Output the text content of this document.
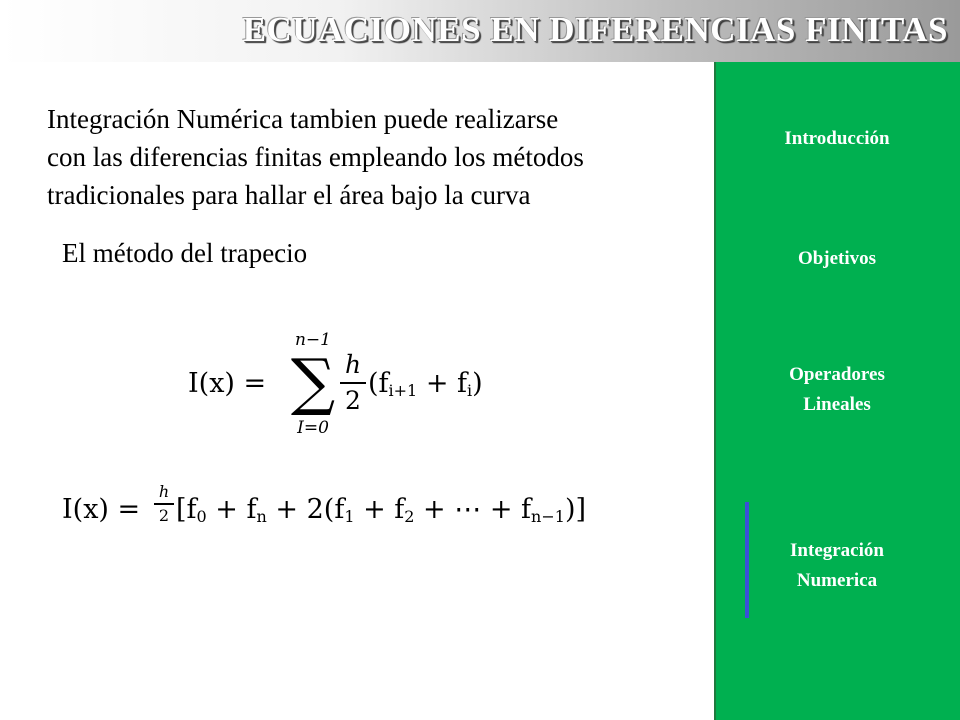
ECUACIONES EN DIFERENCIAS FINITAS

Integración Numérica tambien puede realizarse
con las diferencias finitas empleando los métodos
tradicionales para hallar el área bajo la curva

El método del trapecio

I(x) =
n−1
∑
I=0
h
2
$(f_{i+1} + f_i)$
I(x) =
h
2 [$f_0 + f_n + 2(f_1 + f_2$ + ⋯ + $f_{n-1}$)]
Introducción
Objetivos
Operadores
Lineales
Integración
Numerica
